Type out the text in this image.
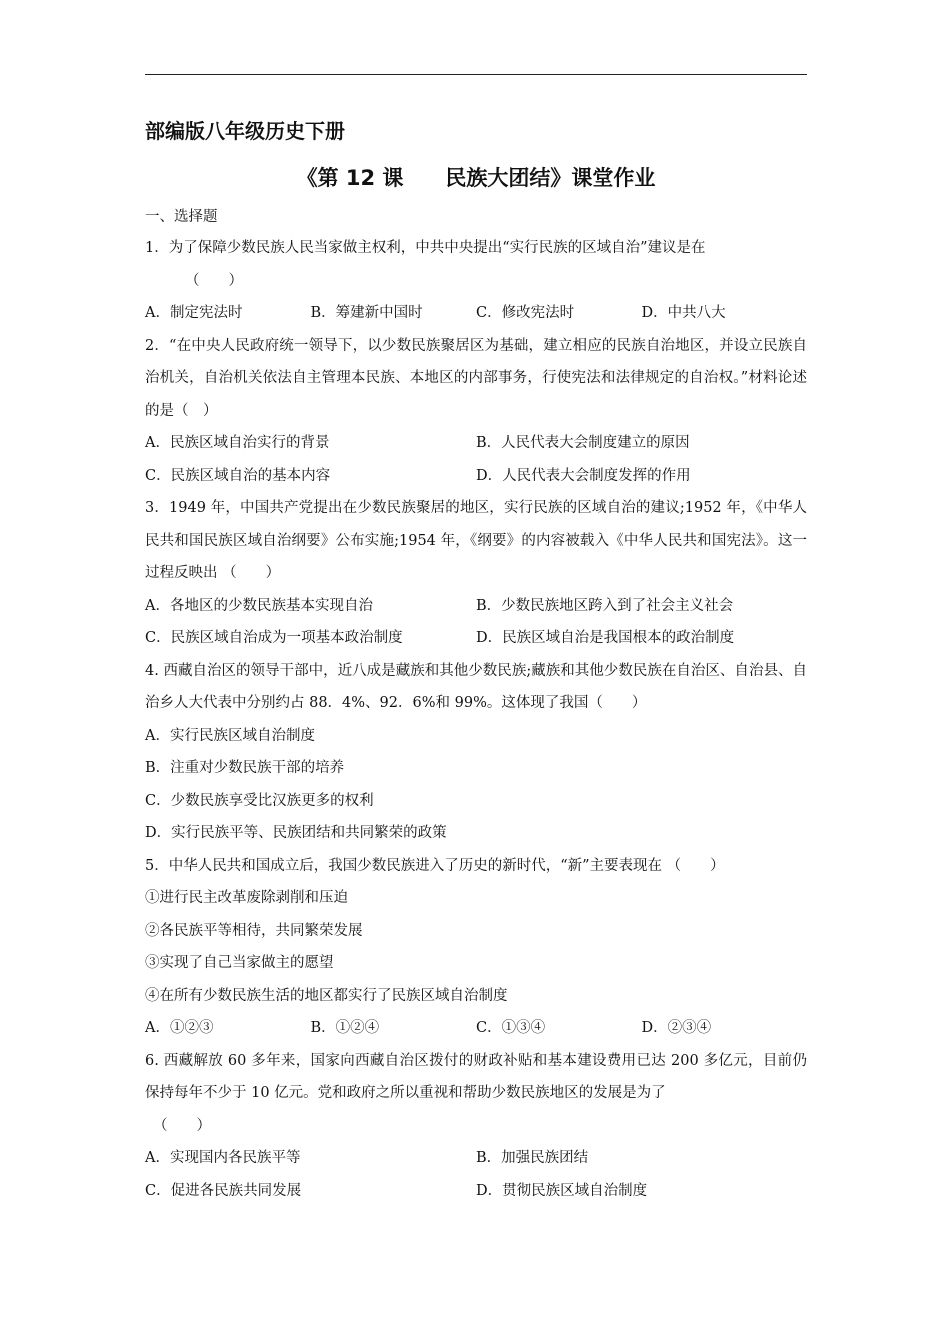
部编版八年级历史下册
《第 12 课　　民族大团结》课堂作业
一、选择题

1．为了保障少数民族人民当家做主权利，中共中央提出“实行民族的区域自治”建议是在
（　　）

A．制定宪法时	B．筹建新中国时	C．修改宪法时	D．中共八大

2．“在中央人民政府统一领导下，以少数民族聚居区为基础，建立相应的民族自治地区，并设立民族自治机关，自治机关依法自主管理本民族、本地区的内部事务，行使宪法和法律规定的自治权。”材料论述的是（　）

A．民族区域自治实行的背景	B．人民代表大会制度建立的原因
C．民族区域自治的基本内容	D．人民代表大会制度发挥的作用

3．1949 年，中国共产党提出在少数民族聚居的地区，实行民族的区域自治的建议;1952 年，《中华人民共和国民族区域自治纲要》公布实施;1954 年，《纲要》的内容被载入《中华人民共和国宪法》。这一过程反映出 （　　）

A．各地区的少数民族基本实现自治	B．少数民族地区跨入到了社会主义社会
C．民族区域自治成为一项基本政治制度	D．民族区域自治是我国根本的政治制度

4. 西藏自治区的领导干部中，近八成是藏族和其他少数民族;藏族和其他少数民族在自治区、自治县、自治乡人大代表中分别约占 88．4%、92．6%和 99%。这体现了我国（　　）

A．实行民族区域自治制度
B．注重对少数民族干部的培养
C．少数民族享受比汉族更多的权利
D．实行民族平等、民族团结和共同繁荣的政策

5．中华人民共和国成立后，我国少数民族进入了历史的新时代，“新”主要表现在 （　　）

①进行民主改革废除剥削和压迫
②各民族平等相待，共同繁荣发展
③实现了自己当家做主的愿望
④在所有少数民族生活的地区都实行了民族区域自治制度
A．①②③	B．①②④	C．①③④	D．②③④

6. 西藏解放 60 多年来，国家向西藏自治区拨付的财政补贴和基本建设费用已达 200 多亿元，目前仍保持每年不少于 10 亿元。党和政府之所以重视和帮助少数民族地区的发展是为了
（　　）

A．实现国内各民族平等	B．加强民族团结
C．促进各民族共同发展	D．贯彻民族区域自治制度
